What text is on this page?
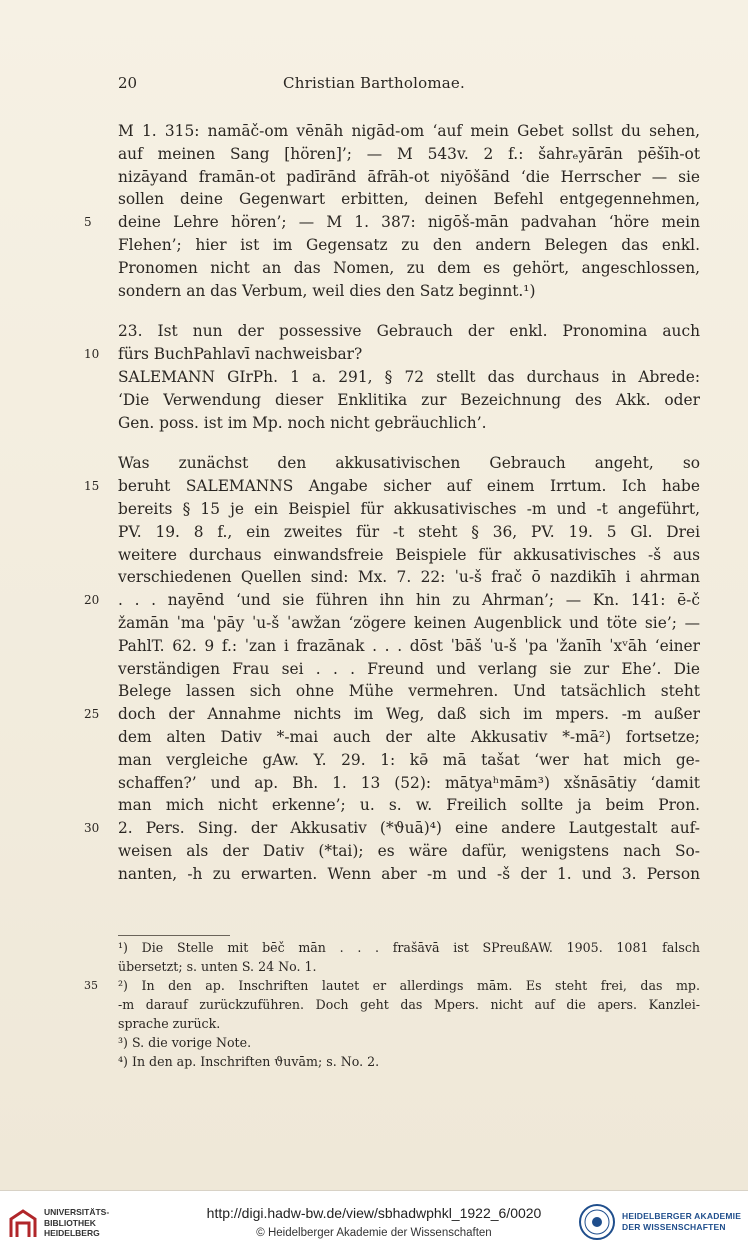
20	Christian Bartholomae.
M 1. 315: namāč-om vēnāh nigād-om ‘auf mein Gebet sollst du sehen,
auf meinen Sang [hören]’; — M 543v. 2 f.: šahrₑyārān pēšīh-ot
nizāyand framān-ot padīrānd āfrāh-ot niyōšānd ‘die Herrscher — sie
sollen deine Gegenwart erbitten, deinen Befehl entgegennehmen,
deine Lehre hören’; — M 1. 387: nigōš-mān padvahan ‘höre mein
5
Flehen’; hier ist im Gegensatz zu den andern Belegen das enkl.
Pronomen nicht an das Nomen, zu dem es gehört, angeschlossen,
sondern an das Verbum, weil dies den Satz beginnt.¹)
23. Ist nun der possessive Gebrauch der enkl. Pronomina auch
fürs BuchPahlavī nachweisbar?
10
SALEMANN GIrPh. 1 a. 291, § 72 stellt das durchaus in Abrede:
‘Die Verwendung dieser Enklitika zur Bezeichnung des Akk. oder
Gen. poss. ist im Mp. noch nicht gebräuchlich’.
Was zunächst den akkusativischen Gebrauch angeht, so
beruht SALEMANNS Angabe sicher auf einem Irrtum. Ich habe
15
bereits § 15 je ein Beispiel für akkusativisches -m und -t angeführt,
PV. 19. 8 f., ein zweites für -t steht § 36, PV. 19. 5 Gl. Drei
weitere durchaus einwandsfreie Beispiele für akkusativisches -š aus
verschiedenen Quellen sind: Mx. 7. 22: ˈu-š frač ō nazdikīh i ahrman
. . . nayēnd ‘und sie führen ihn hin zu Ahrman’; — Kn. 141: ē-č
20
žamān ˈma ˈpāy ˈu-š ˈawžan ‘zögere keinen Augenblick und töte sie’; —
PahlT. 62. 9 f.: ˈzan i frazānak . . . dōst ˈbāš ˈu-š ˈpa ˈžanīh ˈxᵛāh ‘einer
verständigen Frau sei . . . Freund und verlang sie zur Ehe’. Die
Belege lassen sich ohne Mühe vermehren. Und tatsächlich steht
doch der Annahme nichts im Weg, daß sich im mpers. -m außer
25
dem alten Dativ *-mai auch der alte Akkusativ *-mā²) fortsetze;
man vergleiche gAw. Y. 29. 1: kə̄ mā tašat ‘wer hat mich ge-
schaffen?’ und ap. Bh. 1. 13 (52): mātyaʰmām³) xšnāsātiy ‘damit
man mich nicht erkenne’; u. s. w. Freilich sollte ja beim Pron.
2. Pers. Sing. der Akkusativ (*ϑuā)⁴) eine andere Lautgestalt auf-
30
weisen als der Dativ (*tai); es wäre dafür, wenigstens nach So-
nanten, -h zu erwarten. Wenn aber -m und -š der 1. und 3. Person
¹) Die Stelle mit bēč mān . . . frašāvā ist SPreußAW. 1905. 1081 falsch
übersetzt; s. unten S. 24 No. 1.
²) In den ap. Inschriften lautet er allerdings mām. Es steht frei, das mp.
35
-m darauf zurückzuführen. Doch geht das Mpers. nicht auf die apers. Kanzlei-
sprache zurück.
³) S. die vorige Note.
⁴) In den ap. Inschriften ϑuvām; s. No. 2.
UNIVERSITÄTS-
BIBLIOTHEK
HEIDELBERG
http://digi.hadw-bw.de/view/sbhadwphkl_1922_6/0020
© Heidelberger Akademie der Wissenschaften
HEIDELBERGER AKADEMIE
DER WISSENSCHAFTEN
